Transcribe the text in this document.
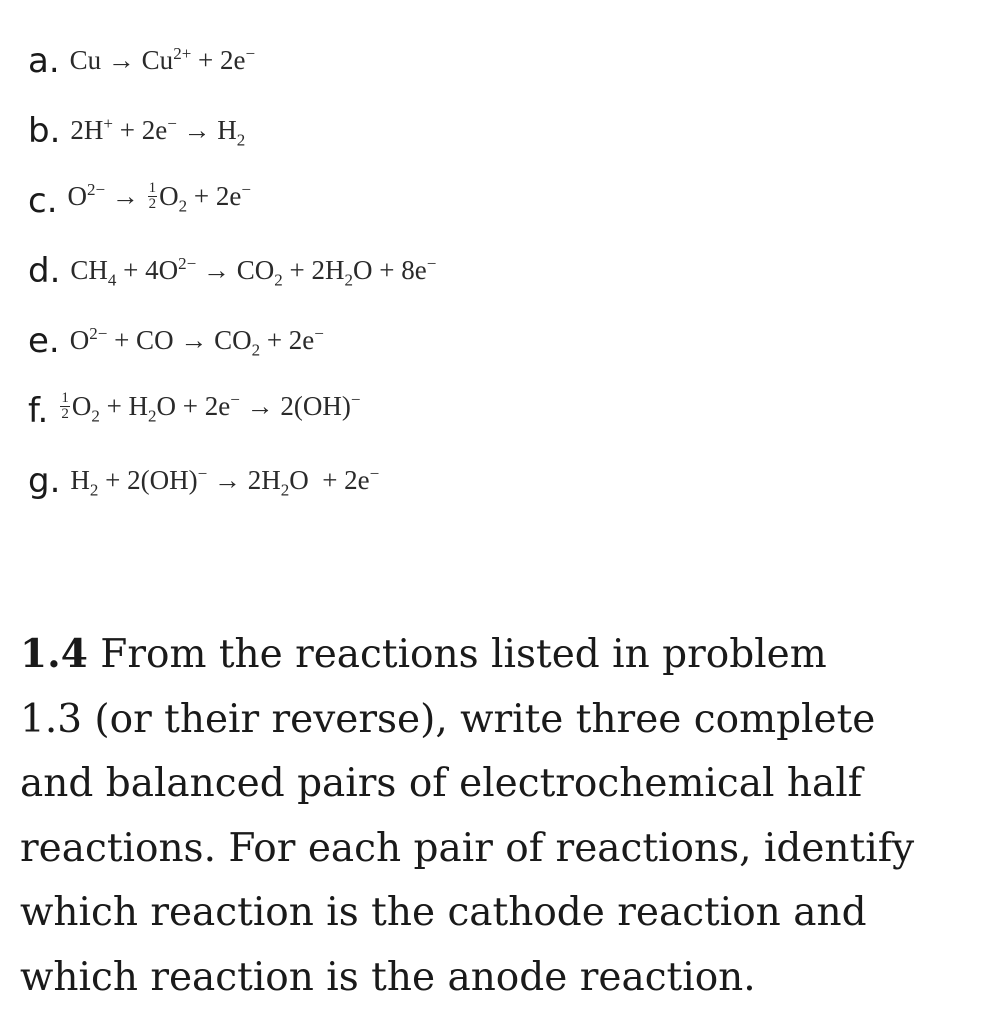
a. $Cu \to Cu^{2+} + 2e^-$
b. $2H^+ + 2e^- \to H_2$
c. $O^{2-} \to \frac{1}{2} O_2 + 2e^-$
d. $CH_4 + 4O^{2-} \to CO_2 + 2H_2O + 8e^-$
e. $O^{2-}$ + CO → $CO_2 + 2e^-$
f. $\frac{1}{2} O_2 + H_2O + 2e^- \to 2(OH)^-$
g. $H_2 + 2(OH)^- \to 2H_2O + 2e^-$

1.4 From the reactions listed in problem
1.3 (or their reverse), write three complete
and balanced pairs of electrochemical half
reactions. For each pair of reactions, identify
which reaction is the cathode reaction and
which reaction is the anode reaction.
